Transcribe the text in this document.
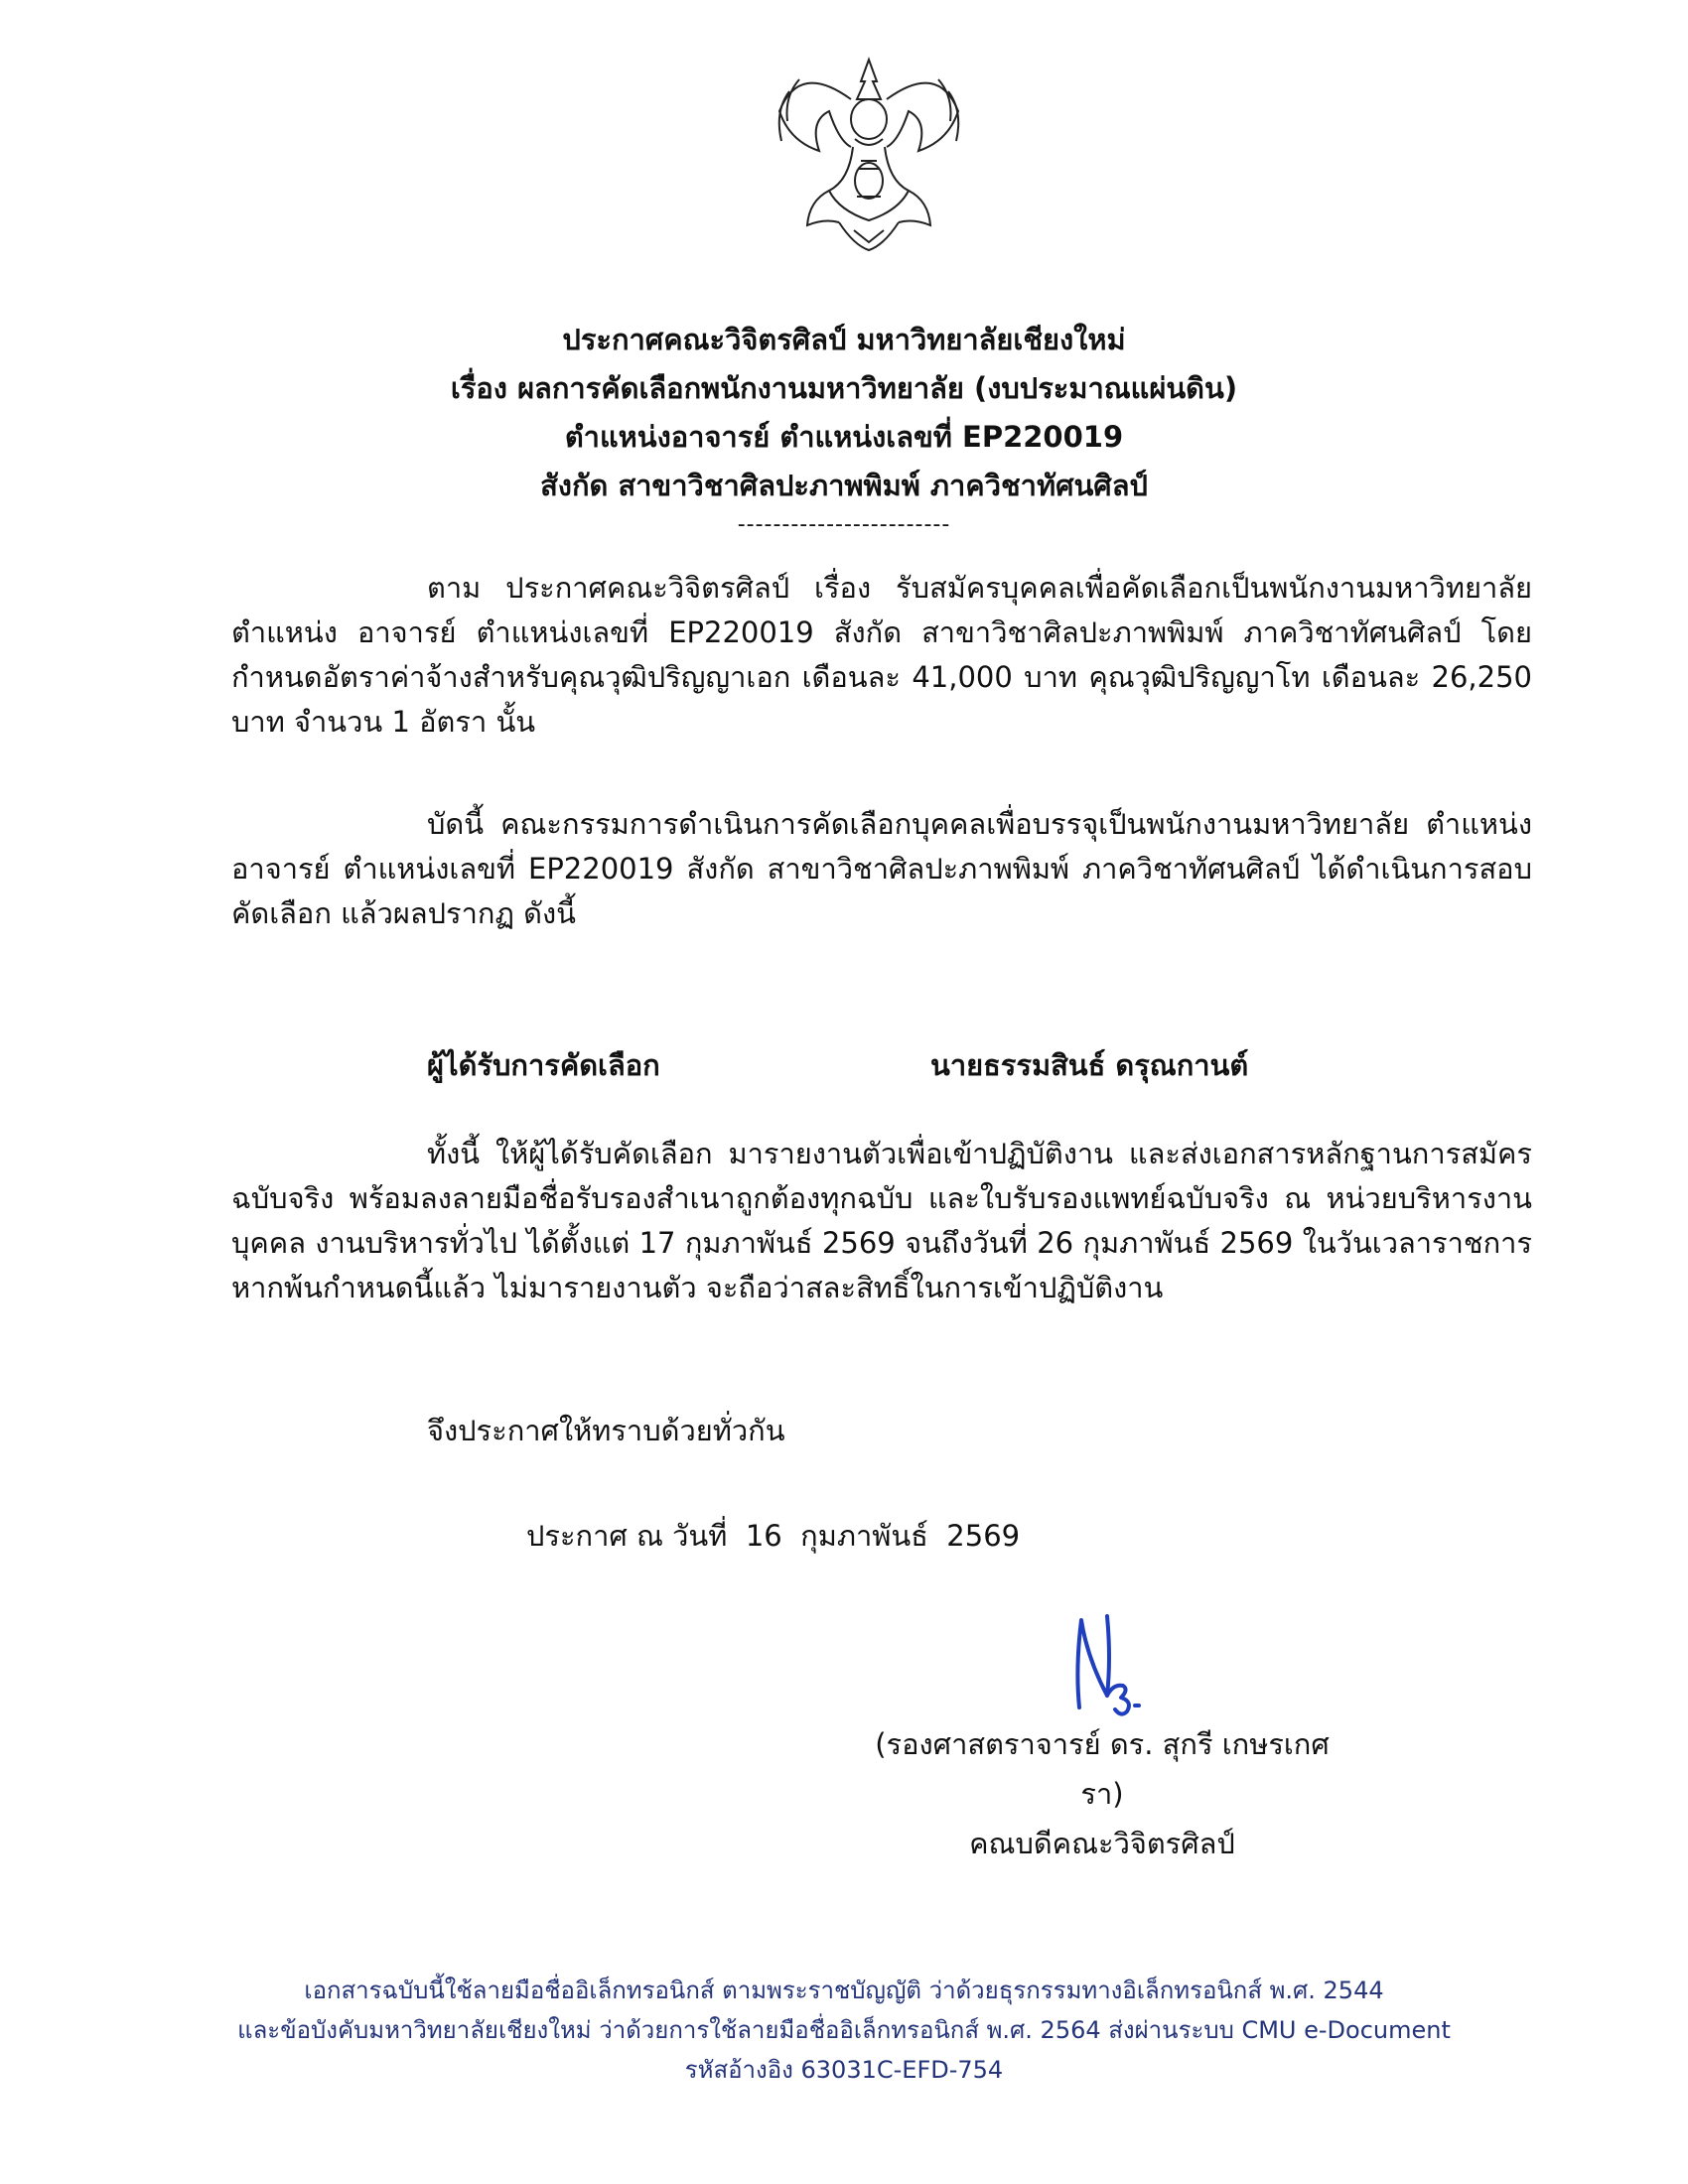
ประกาศคณะวิจิตรศิลป์ มหาวิทยาลัยเชียงใหม่
เรื่อง ผลการคัดเลือกพนักงานมหาวิทยาลัย (งบประมาณแผ่นดิน)
ตำแหน่งอาจารย์ ตำแหน่งเลขที่ EP220019
สังกัด สาขาวิชาศิลปะภาพพิมพ์ ภาควิชาทัศนศิลป์
------------------------

ตาม ประกาศคณะวิจิตรศิลป์ เรื่อง รับสมัครบุคคลเพื่อคัดเลือกเป็นพนักงานมหาวิทยาลัย ตำแหน่ง อาจารย์ ตำแหน่งเลขที่ EP220019 สังกัด สาขาวิชาศิลปะภาพพิมพ์ ภาควิชาทัศนศิลป์ โดยกำหนดอัตราค่าจ้างสำหรับคุณวุฒิปริญญาเอก เดือนละ 41,000 บาท คุณวุฒิปริญญาโท เดือนละ 26,250 บาท จำนวน 1 อัตรา นั้น

บัดนี้ คณะกรรมการดำเนินการคัดเลือกบุคคลเพื่อบรรจุเป็นพนักงานมหาวิทยาลัย ตำแหน่ง อาจารย์ ตำแหน่งเลขที่ EP220019 สังกัด สาขาวิชาศิลปะภาพพิมพ์ ภาควิชาทัศนศิลป์ ได้ดำเนินการสอบคัดเลือก แล้วผลปรากฏ ดังนี้

ผู้ได้รับการคัดเลือก	นายธรรมสินธ์ ดรุณกานต์

ทั้งนี้ ให้ผู้ได้รับคัดเลือก มารายงานตัวเพื่อเข้าปฏิบัติงาน และส่งเอกสารหลักฐานการสมัคร ฉบับจริง พร้อมลงลายมือชื่อรับรองสำเนาถูกต้องทุกฉบับ และใบรับรองแพทย์ฉบับจริง ณ หน่วยบริหารงานบุคคล งานบริหารทั่วไป ได้ตั้งแต่ 17 กุมภาพันธ์ 2569 จนถึงวันที่ 26 กุมภาพันธ์ 2569 ในวันเวลาราชการ หากพ้นกำหนดนี้แล้ว ไม่มารายงานตัว จะถือว่าสละสิทธิ์ในการเข้าปฏิบัติงาน

จึงประกาศให้ทราบด้วยทั่วกัน
ประกาศ ณ วันที่  16  กุมภาพันธ์  2569
(รองศาสตราจารย์ ดร. สุกรี เกษรเกศรา)
คณบดีคณะวิจิตรศิลป์
เอกสารฉบับนี้ใช้ลายมือชื่ออิเล็กทรอนิกส์ ตามพระราชบัญญัติ ว่าด้วยธุรกรรมทางอิเล็กทรอนิกส์ พ.ศ. 2544
และข้อบังคับมหาวิทยาลัยเชียงใหม่ ว่าด้วยการใช้ลายมือชื่ออิเล็กทรอนิกส์ พ.ศ. 2564 ส่งผ่านระบบ CMU e-Document
รหัสอ้างอิง 63031C-EFD-754
